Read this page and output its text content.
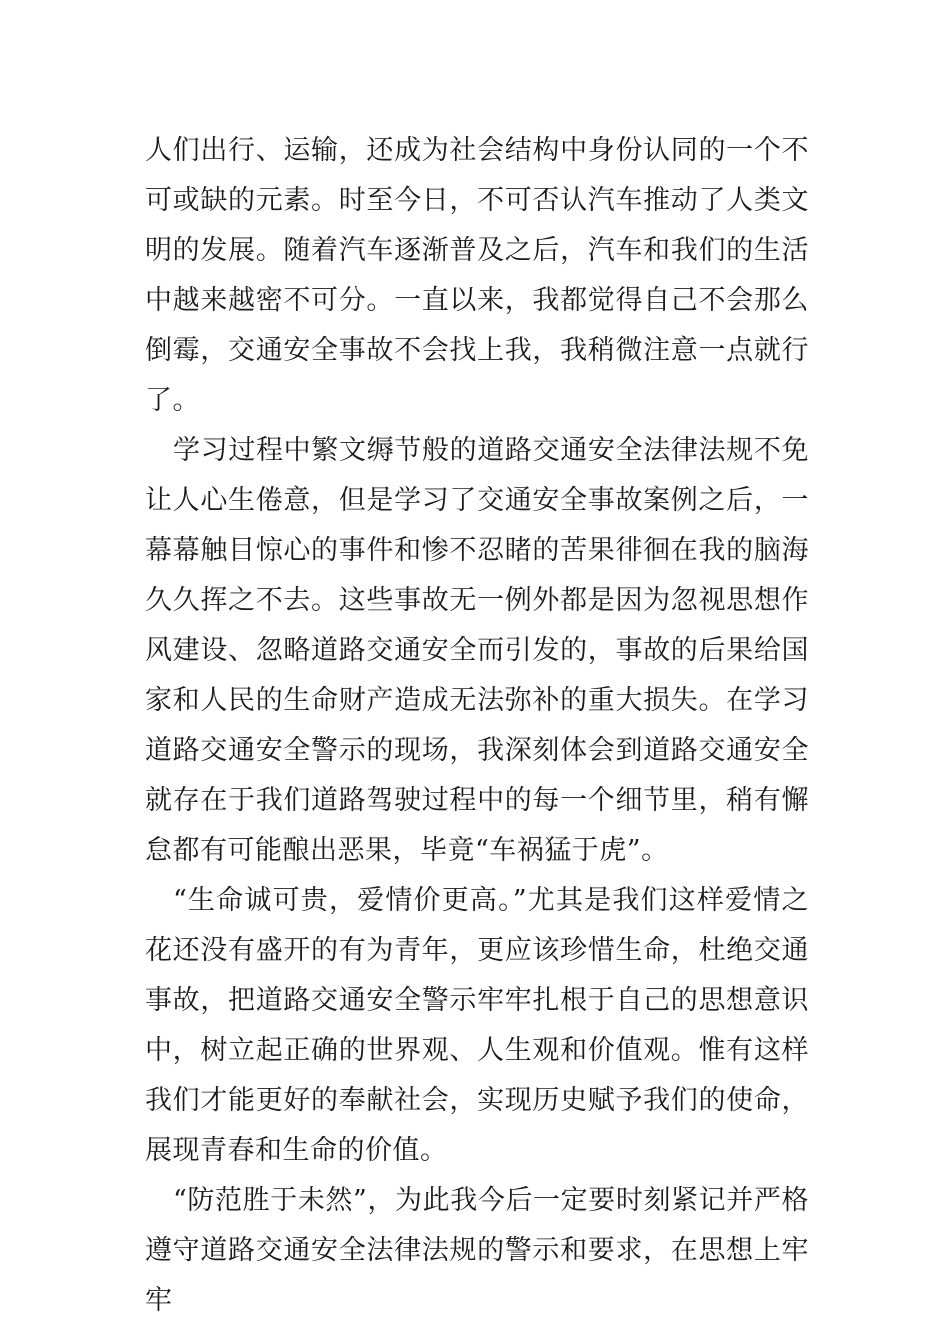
人们出行、运输，还成为社会结构中身份认同的一个不可或缺的元素。时至今日，不可否认汽车推动了人类文明的发展。随着汽车逐渐普及之后，汽车和我们的生活中越来越密不可分。一直以来，我都觉得自己不会那么倒霉，交通安全事故不会找上我，我稍微注意一点就行了。

学习过程中繁文缛节般的道路交通安全法律法规不免让人心生倦意，但是学习了交通安全事故案例之后，一幕幕触目惊心的事件和惨不忍睹的苦果徘徊在我的脑海久久挥之不去。这些事故无一例外都是因为忽视思想作风建设、忽略道路交通安全而引发的，事故的后果给国家和人民的生命财产造成无法弥补的重大损失。在学习道路交通安全警示的现场，我深刻体会到道路交通安全就存在于我们道路驾驶过程中的每一个细节里，稍有懈怠都有可能酿出恶果，毕竟“车祸猛于虎”。

“生命诚可贵，爱情价更高。”尤其是我们这样爱情之花还没有盛开的有为青年，更应该珍惜生命，杜绝交通事故，把道路交通安全警示牢牢扎根于自己的思想意识中，树立起正确的世界观、人生观和价值观。惟有这样我们才能更好的奉献社会，实现历史赋予我们的使命，展现青春和生命的价值。

“防范胜于未然”，为此我今后一定要时刻紧记并严格遵守道路交通安全法律法规的警示和要求，在思想上牢牢
